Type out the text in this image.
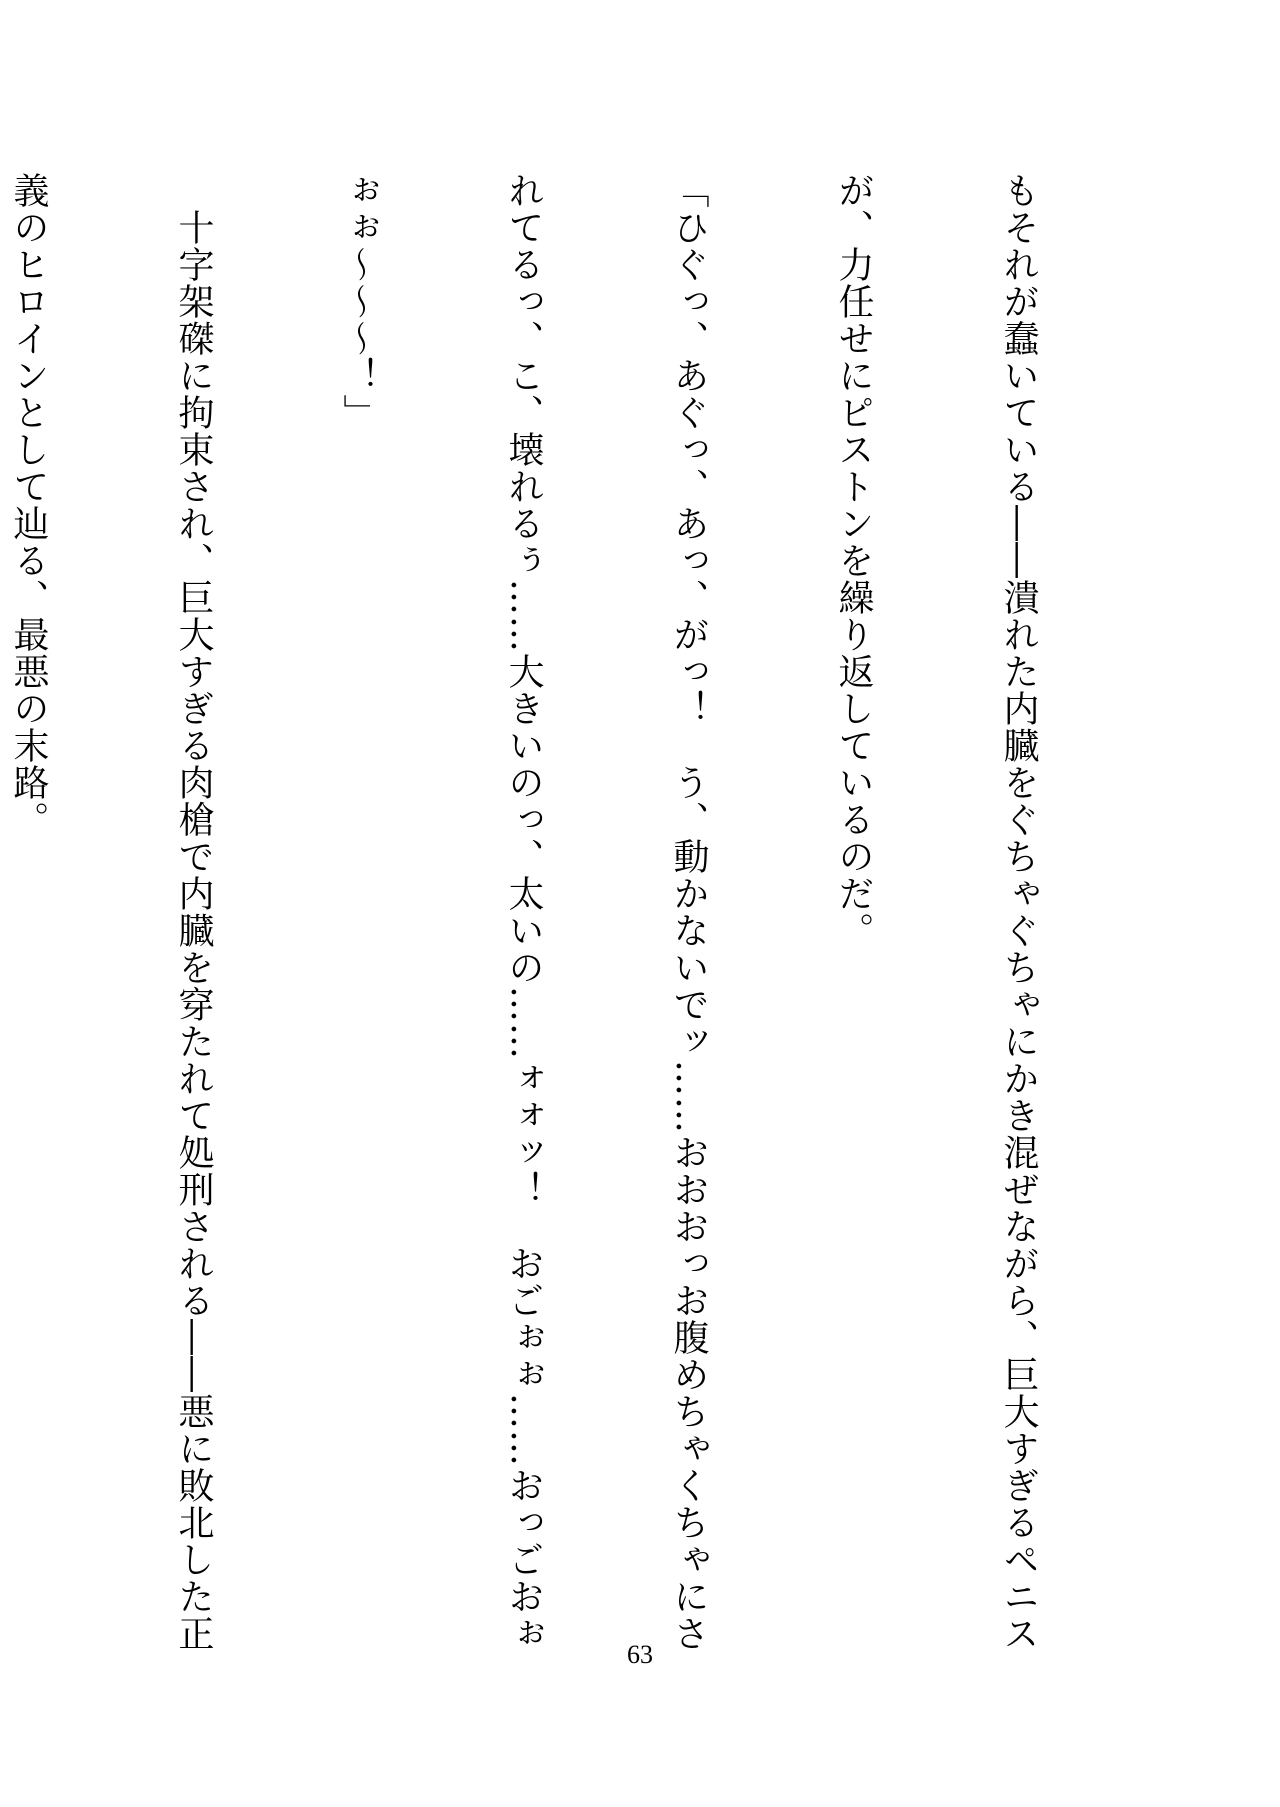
もそれが蠢いている――潰れた内臓をぐちゃぐちゃにかき混ぜながら、巨大すぎるペニス

が、力任せにピストンを繰り返しているのだ。

「ひぐっ、あぐっ、あっ、がっ！　う、動かないでッ……おおおっお腹めちゃくちゃにさ

れてるっ、こ、壊れるぅ……大きいのっ、太いの……ォォッ！　おごぉぉ……おっごおぉ

ぉぉ～～～！」

　十字架磔に拘束され、巨大すぎる肉槍で内臓を穿たれて処刑される――悪に敗北した正

義のヒロインとして辿る、最悪の末路。

63
